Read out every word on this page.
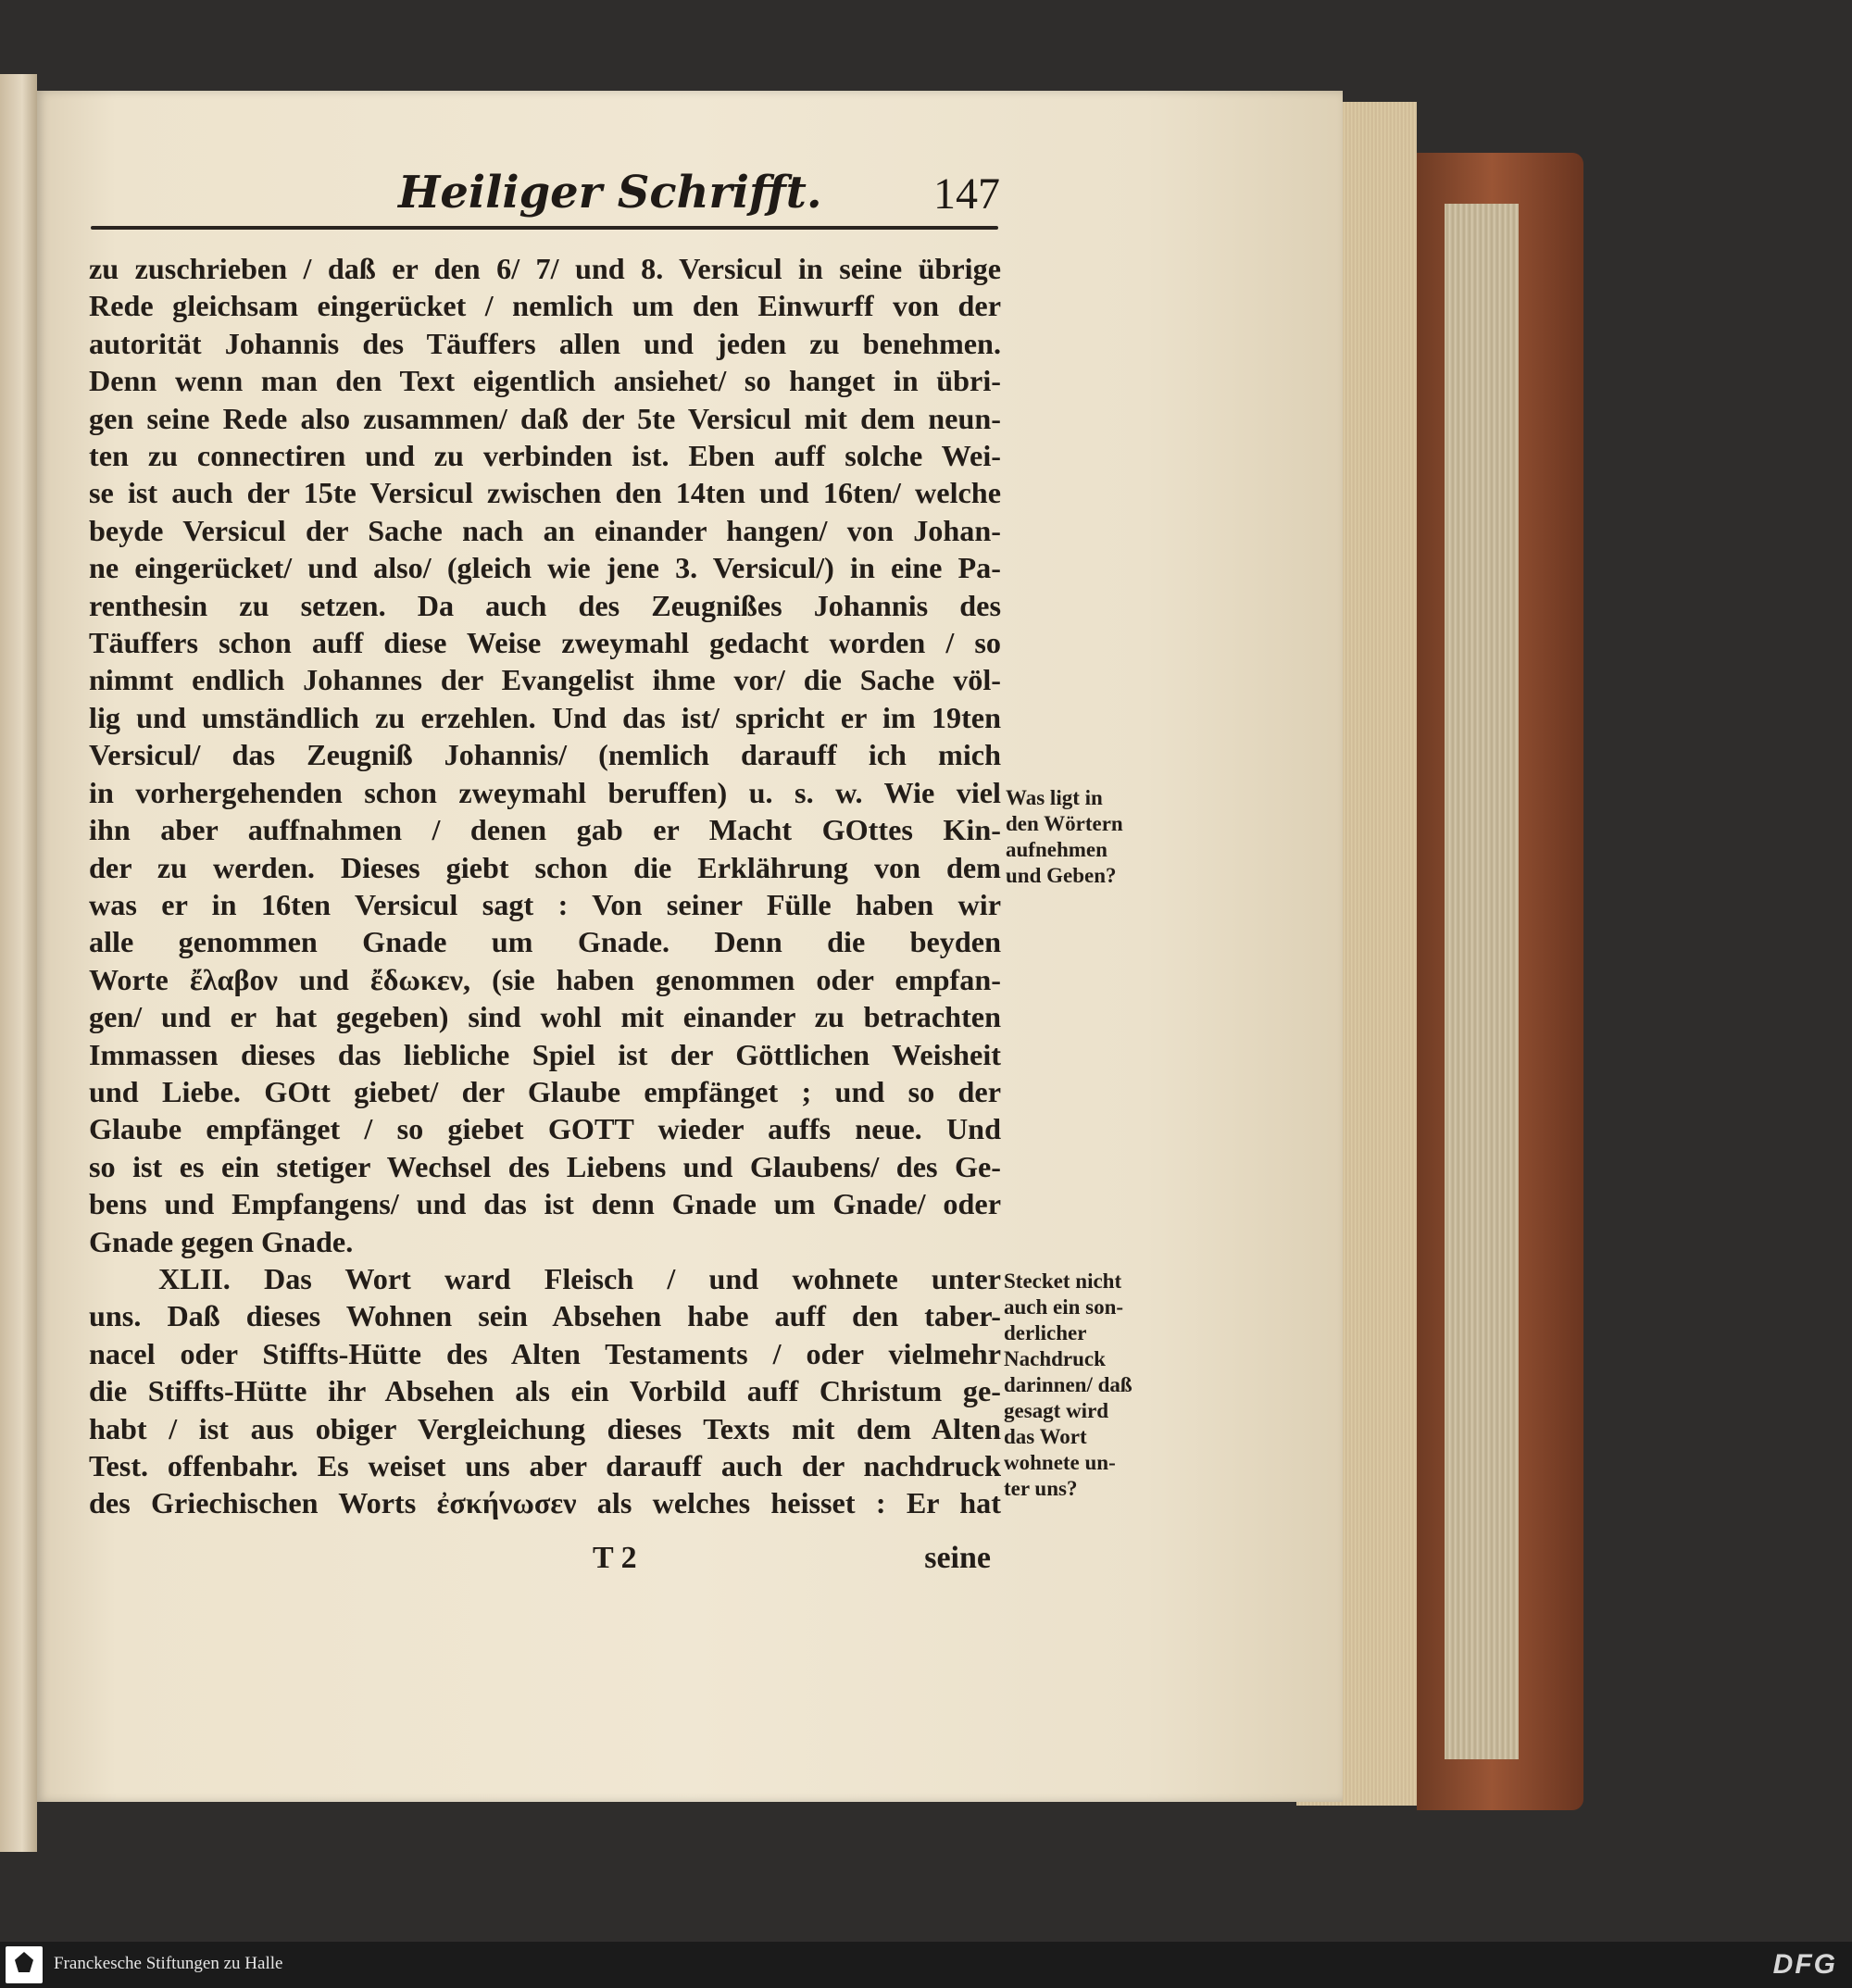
Heiliger Schrifft.	147
zu zuschrieben / daß er den 6/ 7/ und 8. Versicul in seine übrige
Rede gleichsam eingerücket / nemlich um den Einwurff von der
autorität Johannis des Täuffers allen und jeden zu benehmen.
Denn wenn man den Text eigentlich ansiehet/ so hanget in übri-
gen seine Rede also zusammen/ daß der 5te Versicul mit dem neun-
ten zu connectiren und zu verbinden ist. Eben auff solche Wei-
se ist auch der 15te Versicul zwischen den 14ten und 16ten/ welche
beyde Versicul der Sache nach an einander hangen/ von Johan-
ne eingerücket/ und also/ (gleich wie jene 3. Versicul/) in eine Pa-
renthesin zu setzen. Da auch des Zeugnißes Johannis des
Täuffers schon auff diese Weise zweymahl gedacht worden / so
nimmt endlich Johannes der Evangelist ihme vor/ die Sache völ-
lig und umständlich zu erzehlen. Und das ist/ spricht er im 19ten
Versicul/ das Zeugniß Johannis/ (nemlich darauff ich mich
in vorhergehenden schon zweymahl beruffen) u. s. w. Wie viel
ihn aber auffnahmen / denen gab er Macht GOttes Kin-
der zu werden. Dieses giebt schon die Erklährung von dem
was er in 16ten Versicul sagt : Von seiner Fülle haben wir
alle genommen Gnade um Gnade. Denn die beyden
Worte ἔλαβον und ἔδωκεν, (sie haben genommen oder empfan-
gen/ und er hat gegeben) sind wohl mit einander zu betrachten
Immassen dieses das liebliche Spiel ist der Göttlichen Weisheit
und Liebe. GOtt giebet/ der Glaube empfänget ; und so der
Glaube empfänget / so giebet GOTT wieder auffs neue. Und
so ist es ein stetiger Wechsel des Liebens und Glaubens/ des Ge-
bens und Empfangens/ und das ist denn Gnade um Gnade/ oder
Gnade gegen Gnade.
XLII. Das Wort ward Fleisch / und wohnete unter
uns. Daß dieses Wohnen sein Absehen habe auff den taber-
nacel oder Stiffts-Hütte des Alten Testaments / oder vielmehr
die Stiffts-Hütte ihr Absehen als ein Vorbild auff Christum ge-
habt / ist aus obiger Vergleichung dieses Texts mit dem Alten
Test. offenbahr. Es weiset uns aber darauff auch der nachdruck
des Griechischen Worts ἐσκήνωσεν als welches heisset : Er hat
T 2	seine
Was ligt in
den Wörtern
aufnehmen
und Geben?
Stecket nicht
auch ein son-
derlicher
Nachdruck
darinnen/ daß
gesagt wird
das Wort
wohnete un-
ter uns?
Franckesche Stiftungen zu Halle	DFG
